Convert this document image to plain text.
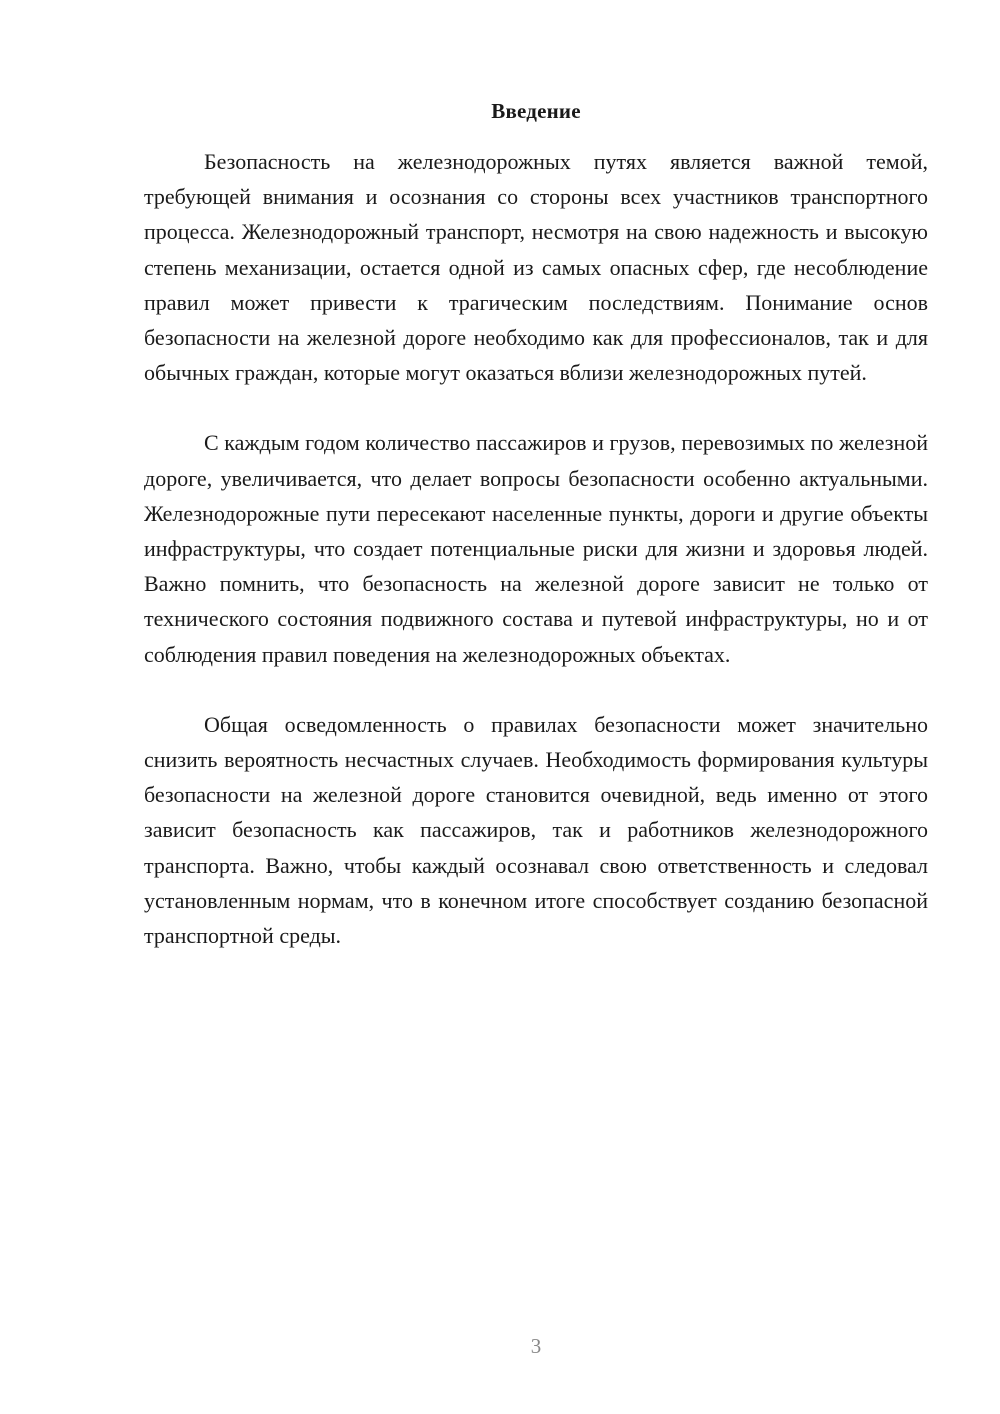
Введение

Безопасность на железнодорожных путях является важной темой, требующей внимания и осознания со стороны всех участников транспортного процесса. Железнодорожный транспорт, несмотря на свою надежность и высокую степень механизации, остается одной из самых опасных сфер, где несоблюдение правил может привести к трагическим последствиям. Понимание основ безопасности на железной дороге необходимо как для профессионалов, так и для обычных граждан, которые могут оказаться вблизи железнодорожных путей.

С каждым годом количество пассажиров и грузов, перевозимых по железной дороге, увеличивается, что делает вопросы безопасности особенно актуальными. Железнодорожные пути пересекают населенные пункты, дороги и другие объекты инфраструктуры, что создает потенциальные риски для жизни и здоровья людей. Важно помнить, что безопасность на железной дороге зависит не только от технического состояния подвижного состава и путевой инфраструктуры, но и от соблюдения правил поведения на железнодорожных объектах.

Общая осведомленность о правилах безопасности может значительно снизить вероятность несчастных случаев. Необходимость формирования культуры безопасности на железной дороге становится очевидной, ведь именно от этого зависит безопасность как пассажиров, так и работников железнодорожного транспорта. Важно, чтобы каждый осознавал свою ответственность и следовал установленным нормам, что в конечном итоге способствует созданию безопасной транспортной среды.

3
